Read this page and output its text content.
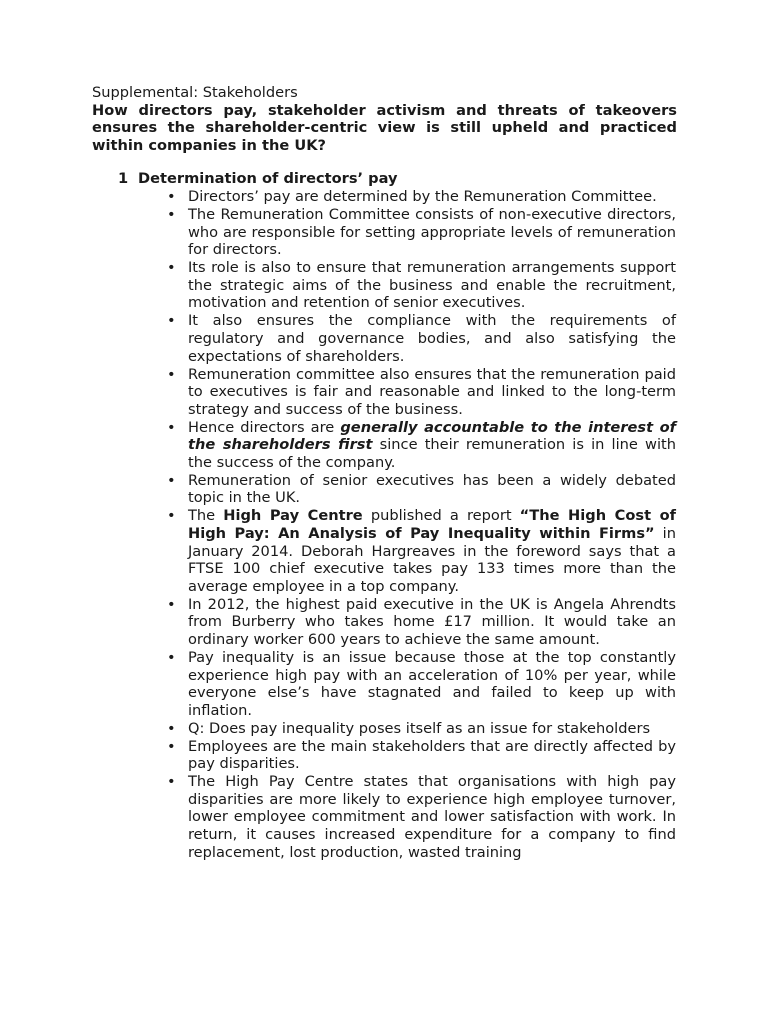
Supplemental: Stakeholders

How directors pay, stakeholder activism and threats of takeovers ensures the shareholder-centric view is still upheld and practiced within companies in the UK?

1 Determination of directors’ pay

• Directors’ pay are determined by the Remuneration Committee.
• The Remuneration Committee consists of non-executive directors, who are responsible for setting appropriate levels of remuneration for directors.
• Its role is also to ensure that remuneration arrangements support the strategic aims of the business and enable the recruitment, motivation and retention of senior executives.
• It also ensures the compliance with the requirements of regulatory and governance bodies, and also satisfying the expectations of shareholders.
• Remuneration committee also ensures that the remuneration paid to executives is fair and reasonable and linked to the long-term strategy and success of the business.
• Hence directors are generally accountable to the interest of the shareholders first since their remuneration is in line with the success of the company.
• Remuneration of senior executives has been a widely debated topic in the UK.
• The High Pay Centre published a report “The High Cost of High Pay: An Analysis of Pay Inequality within Firms” in January 2014. Deborah Hargreaves in the foreword says that a FTSE 100 chief executive takes pay 133 times more than the average employee in a top company.
• In 2012, the highest paid executive in the UK is Angela Ahrendts from Burberry who takes home £17 million. It would take an ordinary worker 600 years to achieve the same amount.
• Pay inequality is an issue because those at the top constantly experience high pay with an acceleration of 10% per year, while everyone else’s have stagnated and failed to keep up with inflation.
• Q: Does pay inequality poses itself as an issue for stakeholders
• Employees are the main stakeholders that are directly affected by pay disparities.
• The High Pay Centre states that organisations with high pay disparities are more likely to experience high employee turnover, lower employee commitment and lower satisfaction with work. In return, it causes increased expenditure for a company to find replacement, lost production, wasted training
